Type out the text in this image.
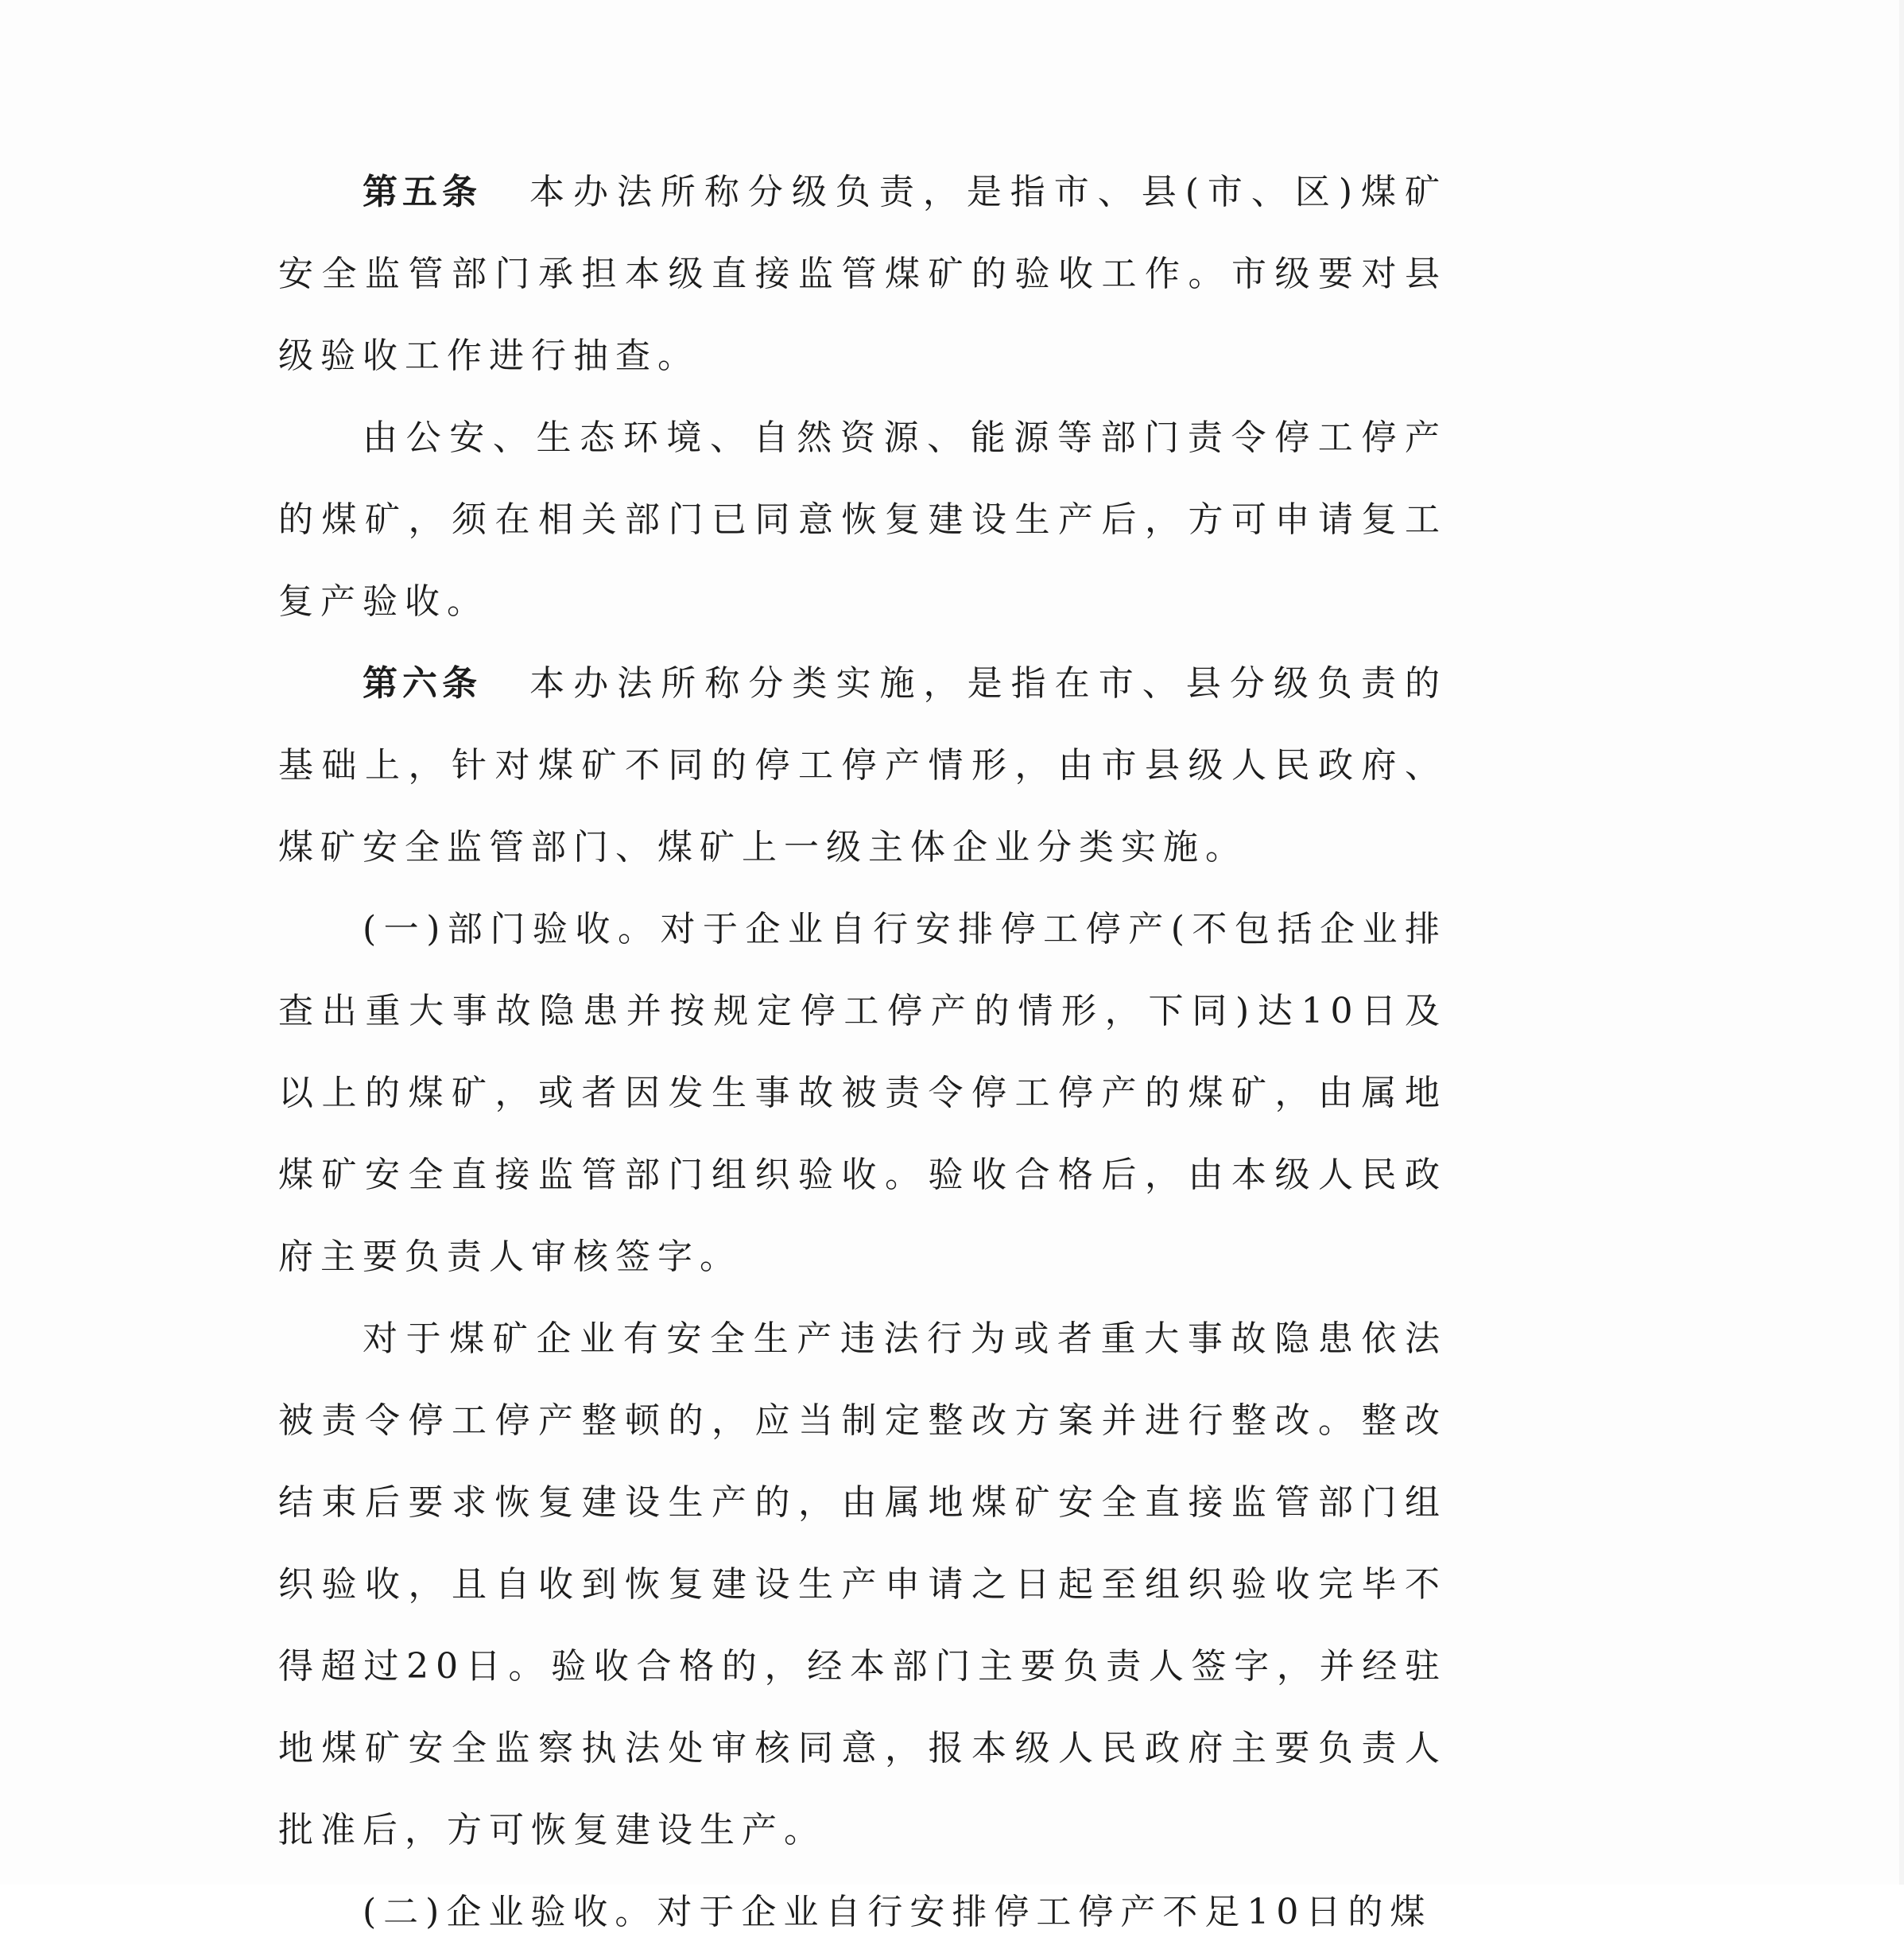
第五条 本办法所称分级负责，是指市、县(市、区)煤矿安全监管部门承担本级直接监管煤矿的验收工作。市级要对县级验收工作进行抽查。

由公安、生态环境、自然资源、能源等部门责令停工停产的煤矿，须在相关部门已同意恢复建设生产后，方可申请复工复产验收。

第六条 本办法所称分类实施，是指在市、县分级负责的基础上，针对煤矿不同的停工停产情形，由市县级人民政府、煤矿安全监管部门、煤矿上一级主体企业分类实施。

(一)部门验收。对于企业自行安排停工停产(不包括企业排查出重大事故隐患并按规定停工停产的情形，下同)达10日及以上的煤矿，或者因发生事故被责令停工停产的煤矿，由属地煤矿安全直接监管部门组织验收。验收合格后，由本级人民政府主要负责人审核签字。

对于煤矿企业有安全生产违法行为或者重大事故隐患依法被责令停工停产整顿的，应当制定整改方案并进行整改。整改结束后要求恢复建设生产的，由属地煤矿安全直接监管部门组织验收，且自收到恢复建设生产申请之日起至组织验收完毕不得超过20日。验收合格的，经本部门主要负责人签字，并经驻地煤矿安全监察执法处审核同意，报本级人民政府主要负责人批准后，方可恢复建设生产。

(二)企业验收。对于企业自行安排停工停产不足10日的煤
